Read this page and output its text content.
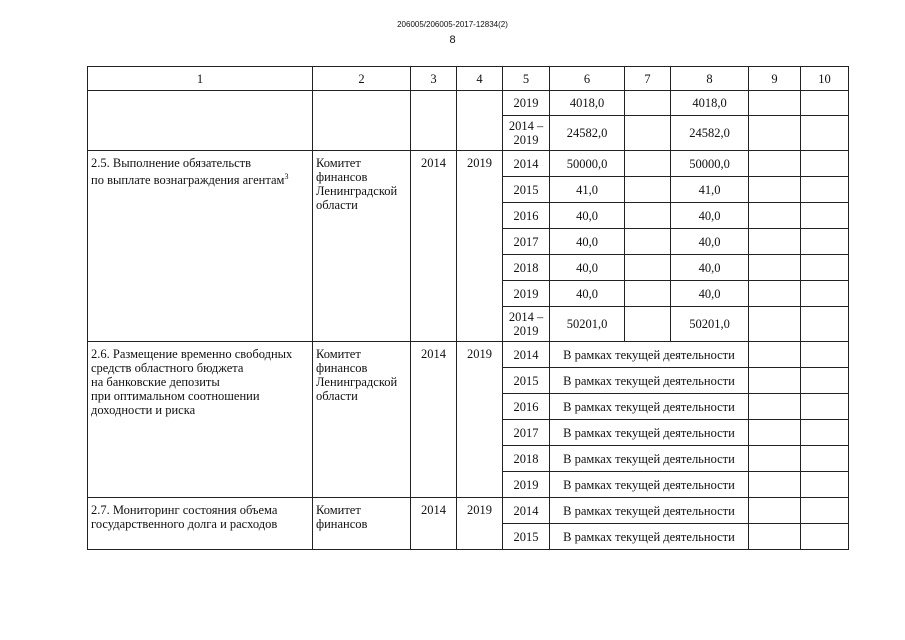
206005/206005-2017-12834(2)
8
1	2	3	4	5	6	7	8	9	10
				2019	4018,0		4018,0		
				2014 – 2019	24582,0		24582,0		
2.5. Выполнение обязательств
по выплате вознаграждения агентам$^3$	Комитет
финансов
Ленинградской
области	2014	2019	2014	50000,0		50000,0		
				2015	41,0		41,0		
				2016	40,0		40,0		
				2017	40,0		40,0		
				2018	40,0		40,0		
				2019	40,0		40,0		
				2014 – 2019	50201,0		50201,0		
2.6. Размещение временно свободных
средств областного бюджета
на банковские депозиты
при оптимальном соотношении
доходности и риска	Комитет
финансов
Ленинградской
области	2014	2019	2014	В рамках текущей деятельности				
				2015	В рамках текущей деятельности				
				2016	В рамках текущей деятельности				
				2017	В рамках текущей деятельности				
				2018	В рамках текущей деятельности				
				2019	В рамках текущей деятельности				
2.7. Мониторинг состояния объема
государственного долга и расходов	Комитет
финансов	2014	2019	2014	В рамках текущей деятельности				
				2015	В рамках текущей деятельности				
